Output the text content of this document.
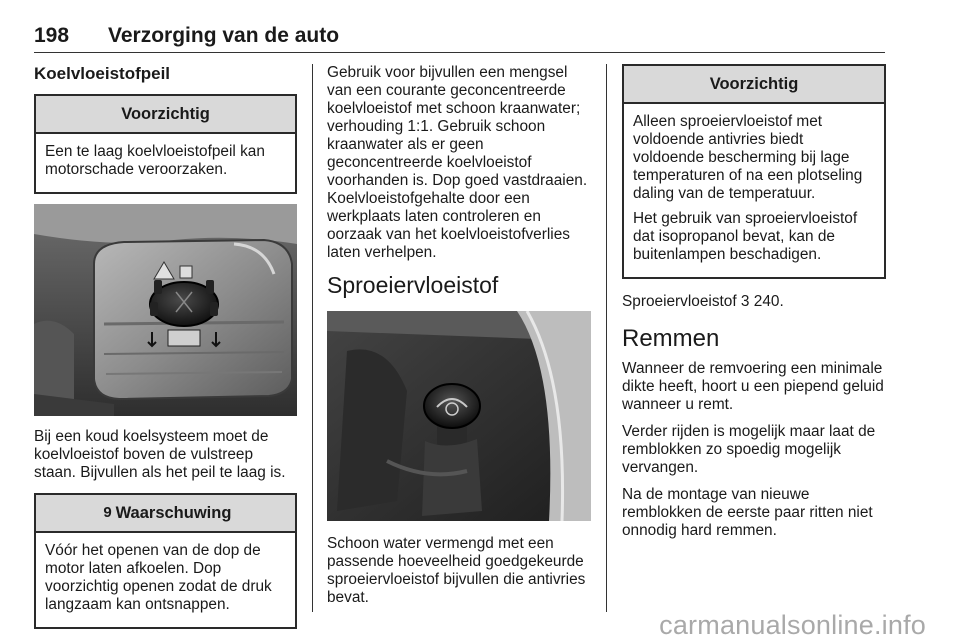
198 Verzorging van de auto
Koelvloeistofpeil
Voorzichtig

Een te laag koelvloeistofpeil kan motorschade veroorzaken.

Bij een koud koelsysteem moet de koelvloeistof boven de vulstreep staan. Bijvullen als het peil te laag is.

9 Waarschuwing

Vóór het openen van de dop de motor laten afkoelen. Dop voorzichtig openen zodat de druk langzaam kan ontsnappen.

Gebruik voor bijvullen een mengsel van een courante geconcentreerde koelvloeistof met schoon kraanwater; verhouding 1:1. Gebruik schoon kraanwater als er geen geconcentreerde koelvloeistof voorhanden is. Dop goed vastdraaien. Koelvloeistofgehalte door een werkplaats laten controleren en oorzaak van het koelvloeistofverlies laten verhelpen.

Sproeiervloeistof

Schoon water vermengd met een passende hoeveelheid goedgekeurde sproeiervloeistof bijvullen die antivries bevat.

Voorzichtig

Alleen sproeiervloeistof met voldoende antivries biedt voldoende bescherming bij lage temperaturen of na een plotseling daling van de temperatuur.

Het gebruik van sproeiervloeistof dat isopropanol bevat, kan de buitenlampen beschadigen.

Sproeiervloeistof 3 240.

Remmen

Wanneer de remvoering een minimale dikte heeft, hoort u een piepend geluid wanneer u remt.

Verder rijden is mogelijk maar laat de remblokken zo spoedig mogelijk vervangen.

Na de montage van nieuwe remblokken de eerste paar ritten niet onnodig hard remmen.

carmanualsonline.info
